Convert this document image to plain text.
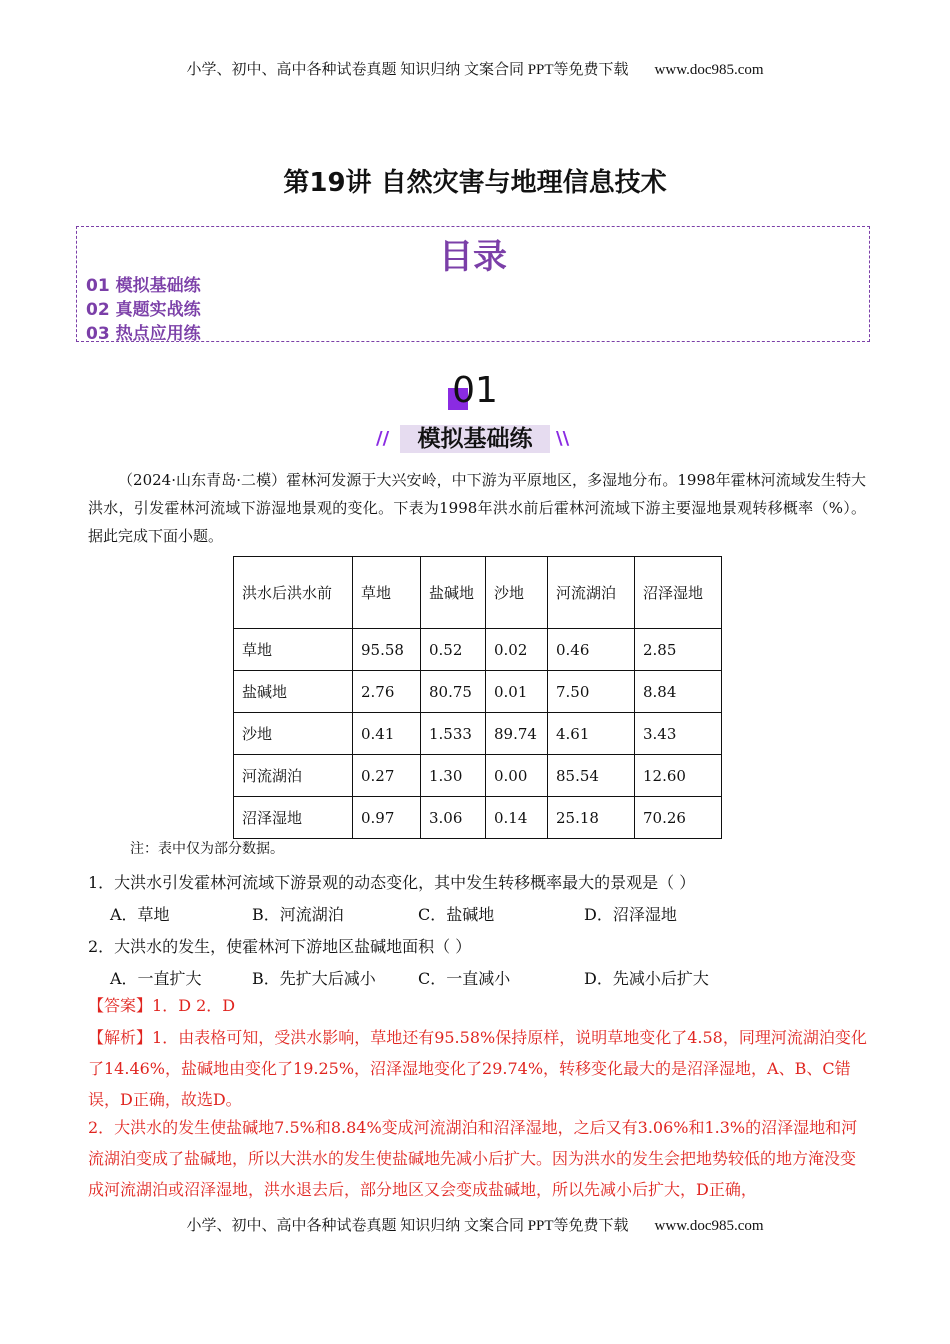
小学、初中、高中各种试卷真题 知识归纳 文案合同 PPT等免费下载 www.doc985.com
第19讲 自然灾害与地理信息技术
目录
01 模拟基础练
02 真题实战练
03 热点应用练
01
//	\\
模拟基础练
（2024·山东青岛·二模）霍林河发源于大兴安岭，中下游为平原地区，多湿地分布。1998年霍林河流域发生特大洪水，引发霍林河流域下游湿地景观的变化。下表为1998年洪水前后霍林河流域下游主要湿地景观转移概率（%）。据此完成下面小题。
洪水后洪水前	草地	盐碱地	沙地	河流湖泊	沼泽湿地
草地	95.58	0.52	0.02	0.46	2.85
盐碱地	2.76	80.75	0.01	7.50	8.84
沙地	0.41	1.533	89.74	4.61	3.43
河流湖泊	0.27	1.30	0.00	85.54	12.60
沼泽湿地	0.97	3.06	0.14	25.18	70.26
注：表中仅为部分数据。
1．大洪水引发霍林河流域下游景观的动态变化，其中发生转移概率最大的景观是（ ）
A．草地	B．河流湖泊	C．盐碱地	D．沼泽湿地
2．大洪水的发生，使霍林河下游地区盐碱地面积（ ）
A．一直扩大	B．先扩大后减小	C．一直减小	D．先减小后扩大
【答案】1．D 2．D
【解析】1．由表格可知，受洪水影响，草地还有95.58%保持原样，说明草地变化了4.58，同理河流湖泊变化了14.46%，盐碱地由变化了19.25%，沼泽湿地变化了29.74%，转移变化最大的是沼泽湿地，A、B、C错误，D正确，故选D。
2．大洪水的发生使盐碱地7.5%和8.84%变成河流湖泊和沼泽湿地，之后又有3.06%和1.3%的沼泽湿地和河流湖泊变成了盐碱地，所以大洪水的发生使盐碱地先减小后扩大。因为洪水的发生会把地势较低的地方淹没变成河流湖泊或沼泽湿地，洪水退去后，部分地区又会变成盐碱地，所以先减小后扩大，D正确，
小学、初中、高中各种试卷真题 知识归纳 文案合同 PPT等免费下载 www.doc985.com
